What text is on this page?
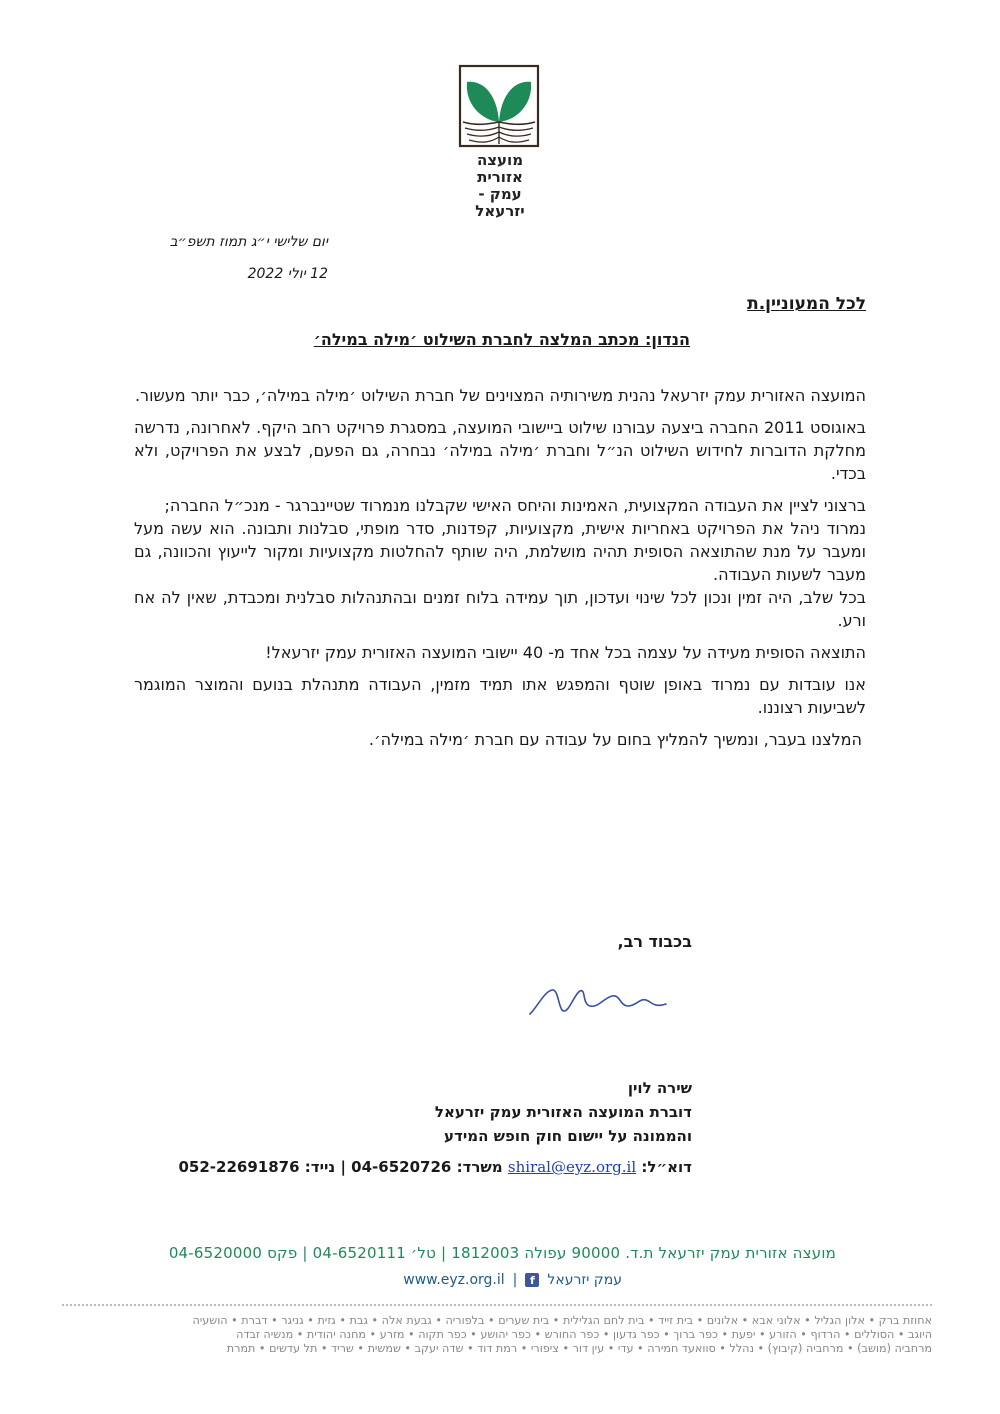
מועצה אזורית
עמק -יזרעאל
יום שלישי י״ג תמוז תשפ״ב
12 יולי 2022
לכל המעוניין.ת
הנדון: מכתב המלצה לחברת השילוט ׳מילה במילה׳

המועצה האזורית עמק יזרעאל נהנית משירותיה המצוינים של חברת השילוט ׳מילה במילה׳, כבר יותר מעשור.

באוגוסט 2011 החברה ביצעה עבורנו שילוט ביישובי המועצה, במסגרת פרויקט רחב היקף. לאחרונה, נדרשה מחלקת הדוברות לחידוש השילוט הנ״ל וחברת ׳מילה במילה׳ נבחרה, גם הפעם, לבצע את הפרויקט, ולא בכדי.

ברצוני לציין את העבודה המקצועית, האמינות והיחס האישי שקבלנו מנמרוד שטיינברגר - מנכ״ל החברה;

נמרוד ניהל את הפרויקט באחריות אישית, מקצועיות, קפדנות, סדר מופתי, סבלנות ותבונה. הוא עשה מעל ומעבר על מנת שהתוצאה הסופית תהיה מושלמת, היה שותף להחלטות מקצועיות ומקור לייעוץ והכוונה, גם מעבר לשעות העבודה.

בכל שלב, היה זמין ונכון לכל שינוי ועדכון, תוך עמידה בלוח זמנים ובהתנהלות סבלנית ומכבדת, שאין לה אח ורע.

התוצאה הסופית מעידה על עצמה בכל אחד מ- 40 יישובי המועצה האזורית עמק יזרעאל!

אנו עובדות עם נמרוד באופן שוטף והמפגש אתו תמיד מזמין, העבודה מתנהלת בנועם והמוצר המוגמר לשביעות רצוננו.

המלצנו בעבר, ונמשיך להמליץ בחום על עבודה עם חברת ׳מילה במילה׳.

בכבוד רב,
שירה לוין
דוברת המועצה האזורית עמק יזרעאל
והממונה על יישום חוק חופש המידע
דוא״ל: shiral@eyz.org.il משרד: 04-6520726 | נייד: 052-22691876
מועצה אזורית עמק יזרעאל ת.ד. 90000 עפולה 1812003 | טל׳ 04-6520111 | פקס 04-6520000
עמק יזרעאל
f
|
www.eyz.org.il
אחוזת ברק • אלון הגליל • אלוני אבא • אלונים • בית זייד • בית לחם הגלילית • בית שערים • בלפוריה • גבעת אלה • גבת • גזית • גניגר • דברת • הושעיה
היוגב • הסוללים • הרדוף • הזורע • יפעת • כפר ברוך • כפר גדעון • כפר החורש • כפר יהושע • כפר תקוה • מזרע • מחנה יהודית • מנשיה זבדה
מרחביה (מושב) • מרחביה (קיבוץ) • נהלל • סוואעד חמירה • עדי • עין דור • ציפורי • רמת דוד • שדה יעקב • שמשית • שריד • תל עדשים • תמרת
